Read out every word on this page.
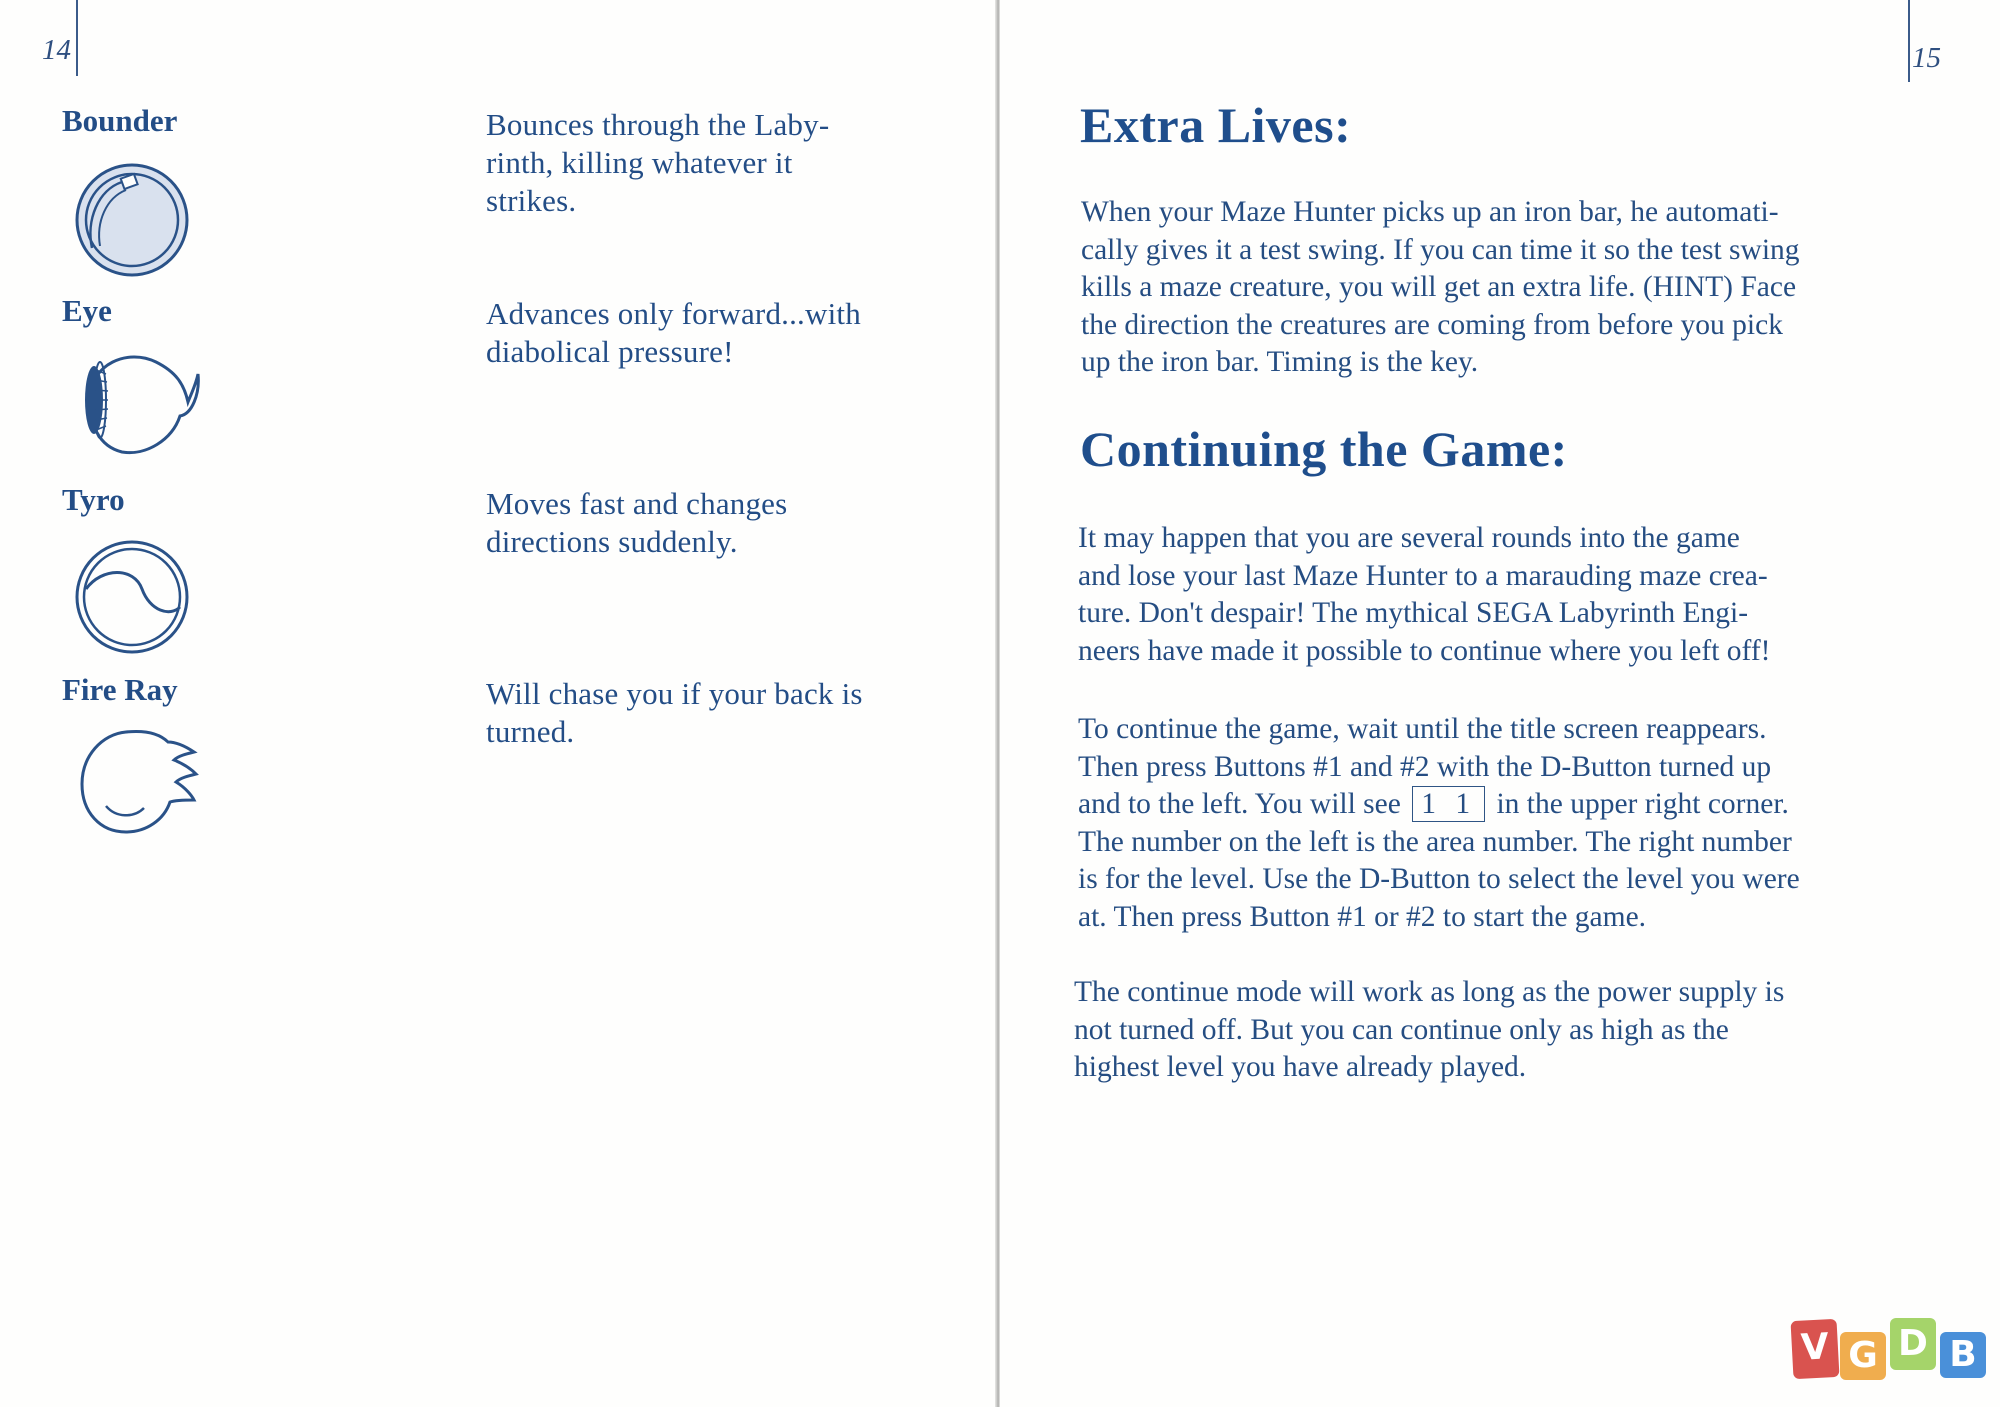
14
Bounder	Bounces through the Laby-
rinth, killing whatever it
strikes.
Eye	Advances only forward...with
diabolical pressure!
Tyro	Moves fast and changes
directions suddenly.
Fire Ray	Will chase you if your back is
turned.
15
Extra Lives:
When your Maze Hunter picks up an iron bar, he automati-
cally gives it a test swing. If you can time it so the test swing
kills a maze creature, you will get an extra life. (HINT) Face
the direction the creatures are coming from before you pick
up the iron bar. Timing is the key.
Continuing the Game:
It may happen that you are several rounds into the game
and lose your last Maze Hunter to a marauding maze crea-
ture. Don't despair! The mythical SEGA Labyrinth Engi-
neers have made it possible to continue where you left off!
To continue the game, wait until the title screen reappears.
Then press Buttons #1 and #2 with the D-Button turned up
and to the left. You will see 1 1 in the upper right corner.
The number on the left is the area number. The right number
is for the level. Use the D-Button to select the level you were
at. Then press Button #1 or #2 to start the game.
The continue mode will work as long as the power supply is
not turned off. But you can continue only as high as the
highest level you have already played.
V G D B
